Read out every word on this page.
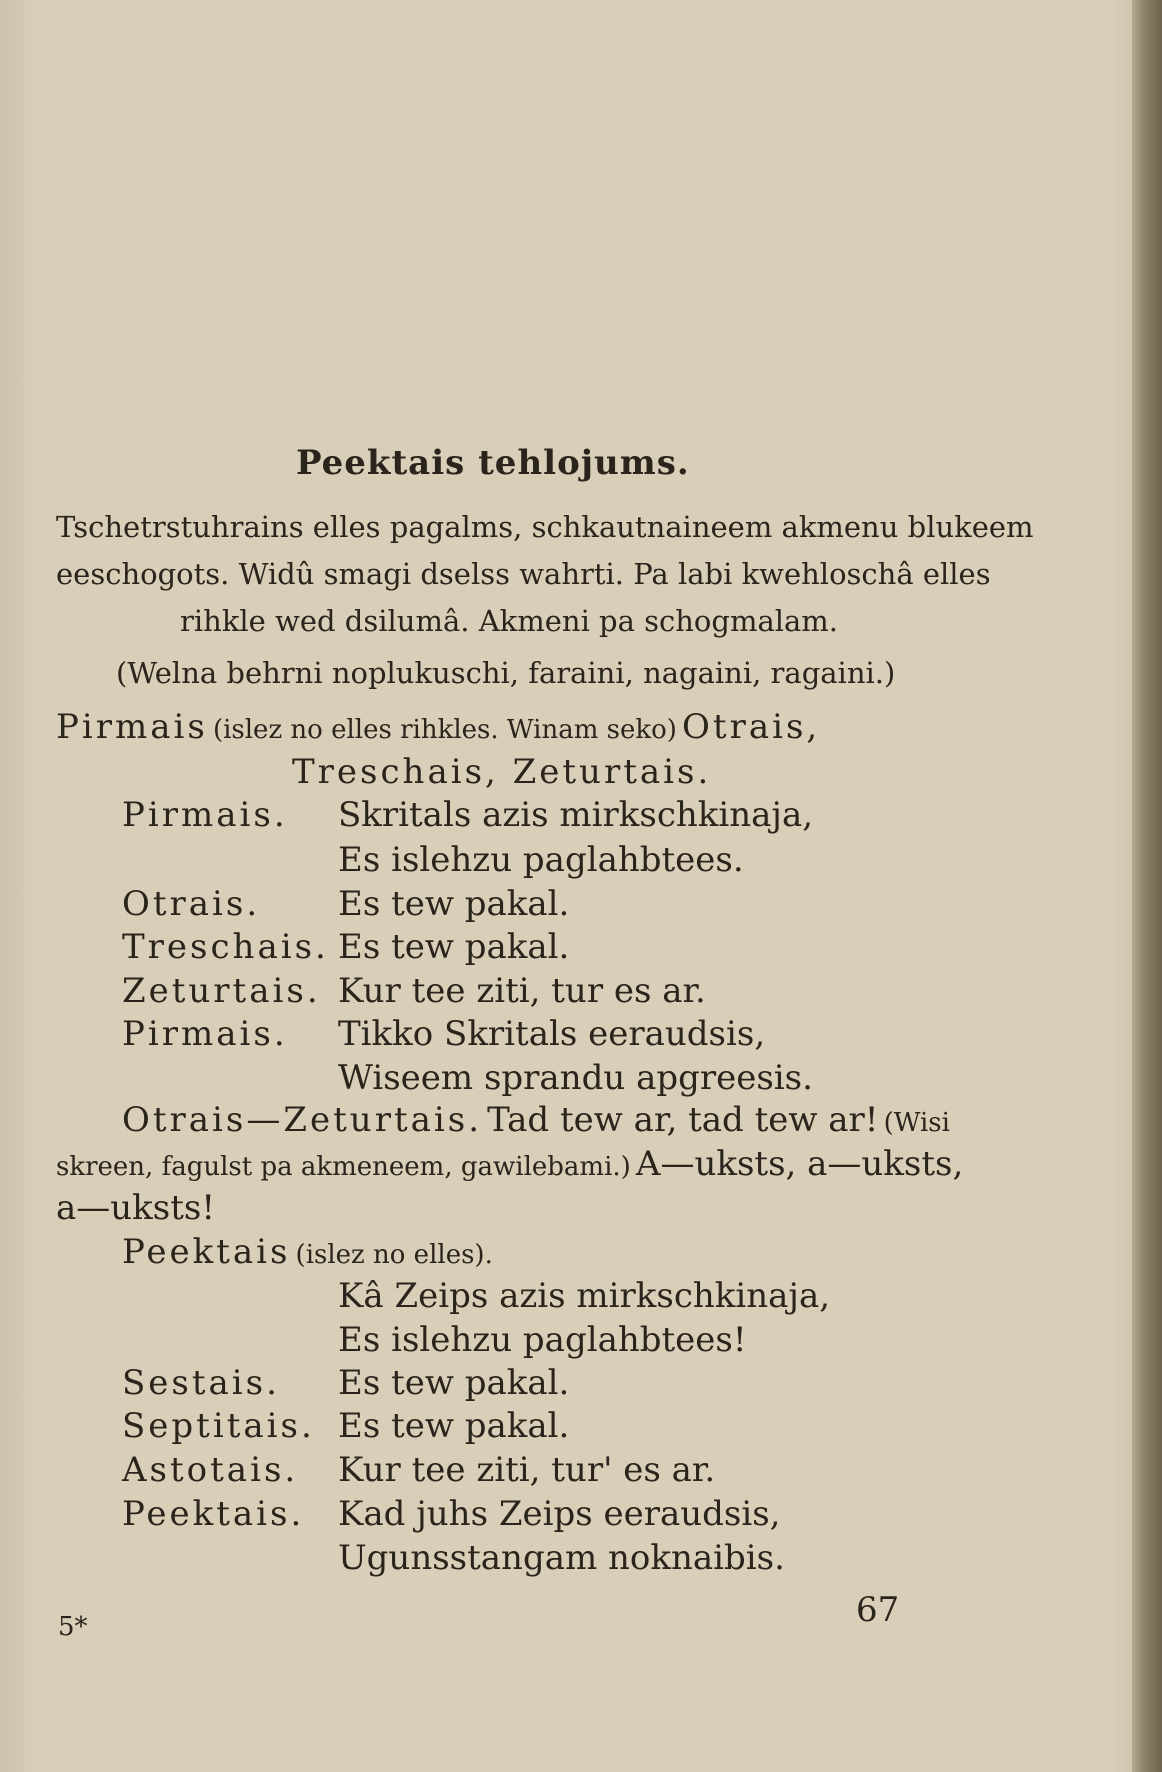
Peektais tehlojums.
Tschetrstuhrains elles pagalms, schkautnaineem akmenu blukeem
eeschogots. Widû smagi dselss wahrti. Pa labi kwehloschâ elles
rihkle wed dsilumâ. Akmeni pa schogmalam.
(Welna behrni noplukuschi, faraini, nagaini, ragaini.)
Pirmais (islez no elles rihkles. Winam seko) Otrais,
Treschais, Zeturtais.
Pirmais. Skritals azis mirkschkinaja,
Es islehzu paglahbtees.
Otrais. Es tew pakal.
Treschais. Es tew pakal.
Zeturtais. Kur tee ziti, tur es ar.
Pirmais. Tikko Skritals eeraudsis,
Wiseem sprandu apgreesis.
Otrais—Zeturtais. Tad tew ar, tad tew ar! (Wisi
skreen, fagulst pa akmeneem, gawilebami.) A—uksts, a—uksts,
a—uksts!
Peektais (islez no elles).
Kâ Zeips azis mirkschkinaja,
Es islehzu paglahbtees!
Sestais. Es tew pakal.
Septitais. Es tew pakal.
Astotais. Kur tee ziti, tur' es ar.
Peektais. Kad juhs Zeips eeraudsis,
Ugunsstangam noknaibis.
5*	67
